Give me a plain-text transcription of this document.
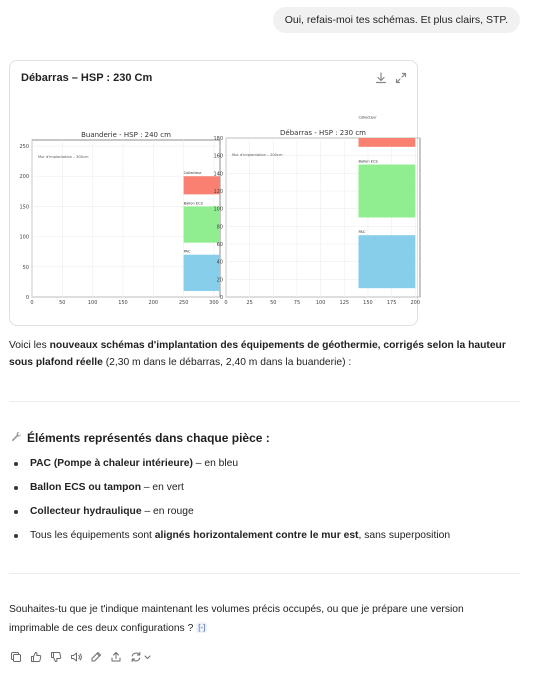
Oui, refais-moi tes schémas. Et plus clairs, STP.
Débarras – HSP : 230 Cm
Buanderie - HSP : 240 cm
0
50
100
150
200
250
0	50	100	150	200	250	300
Mur d'implantation – 300cm
PAC
Ballon ECS
Collecteur
Débarras - HSP : 230 cm
0
20
40
60
80
100
120
140
160
180
0	25	50	75	100	125	150	175	200
Mur d'implantation – 200cm
PAC
Ballon ECS
Collecteur
Voici les nouveaux schémas d'implantation des équipements de géothermie, corrigés selon la hauteur sous plafond réelle (2,30 m dans le débarras, 2,40 m dans la buanderie) :
Éléments représentés dans chaque pièce :
PAC (Pompe à chaleur intérieure) – en bleu
Ballon ECS ou tampon – en vert
Collecteur hydraulique – en rouge
Tous les équipements sont alignés horizontalement contre le mur est, sans superposition
Souhaites-tu que je t'indique maintenant les volumes précis occupés, ou que je prépare une version imprimable de ces deux configurations ? [-]
